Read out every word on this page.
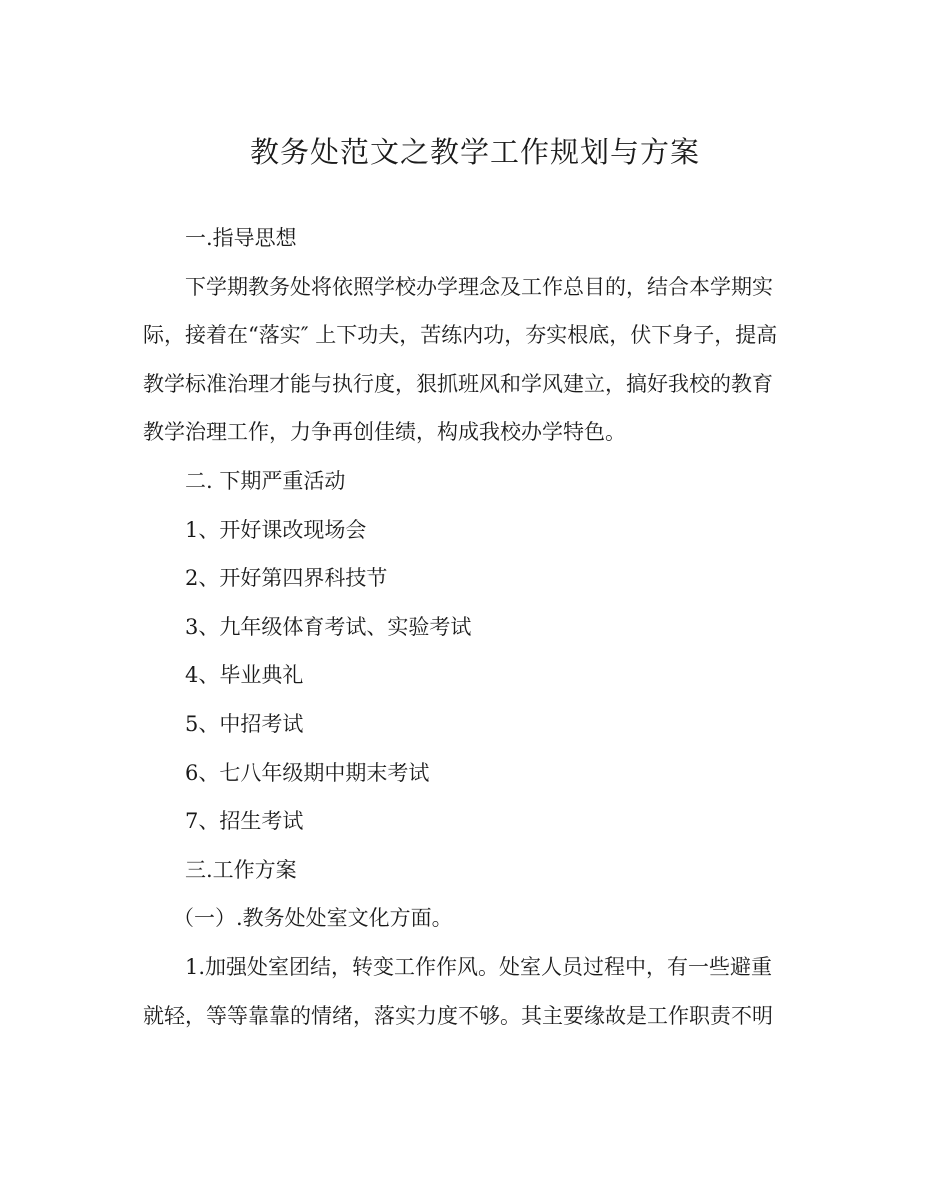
教务处范文之教学工作规划与方案
一.指导思想
下学期教务处将依照学校办学理念及工作总目的，结合本学期实
际，接着在“落实″ 上下功夫，苦练内功，夯实根底，伏下身子，提高
教学标准治理才能与执行度，狠抓班风和学风建立，搞好我校的教育
教学治理工作，力争再创佳绩，构成我校办学特色。
二. 下期严重活动
1、开好课改现场会
2、开好第四界科技节
3、九年级体育考试、实验考试
4、毕业典礼
5、中招考试
6、七八年级期中期末考试
7、招生考试
三.工作方案
（一）.教务处处室文化方面。
1.加强处室团结，转变工作作风。处室人员过程中，有一些避重
就轻，等等靠靠的情绪，落实力度不够。其主要缘故是工作职责不明
